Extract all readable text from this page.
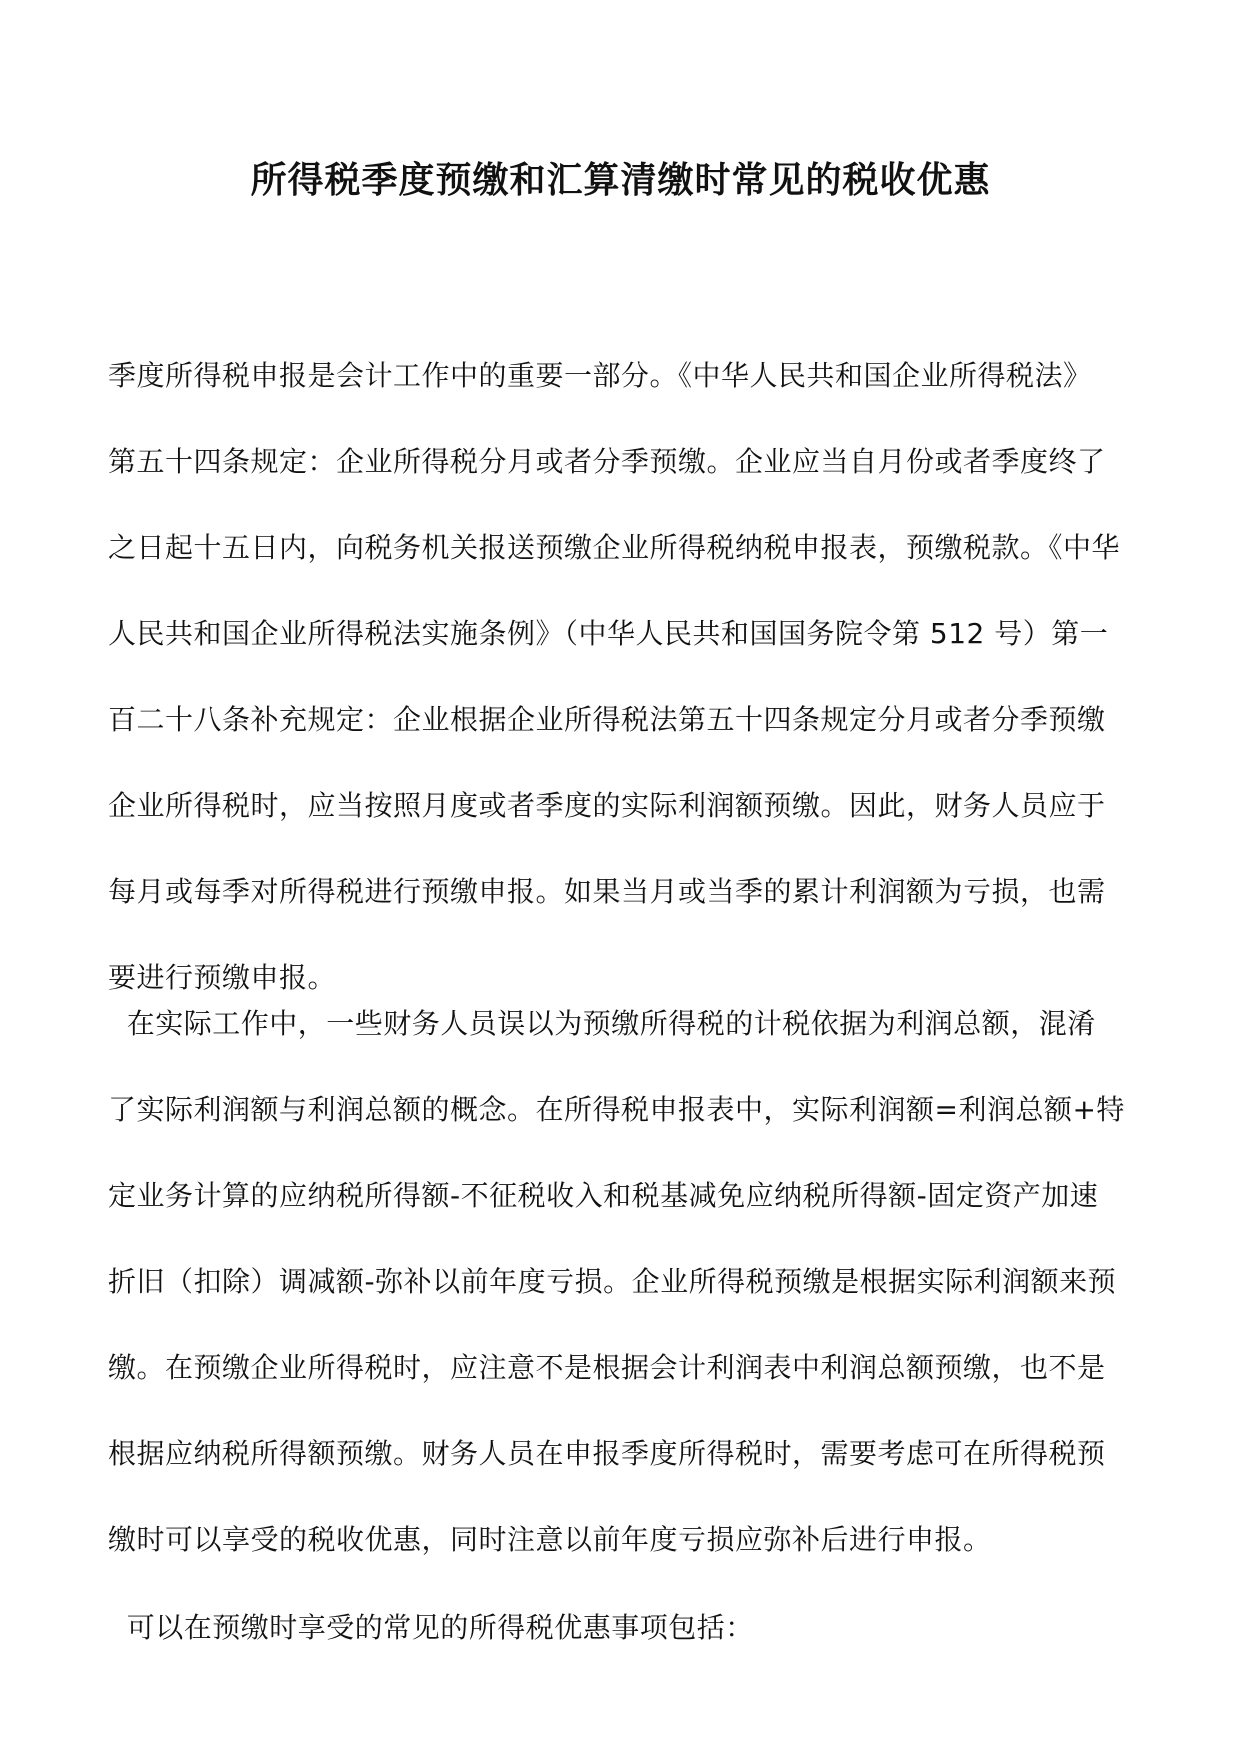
所得税季度预缴和汇算清缴时常见的税收优惠
季度所得税申报是会计工作中的重要一部分。《中华人民共和国企业所得税法》
第五十四条规定：企业所得税分月或者分季预缴。企业应当自月份或者季度终了
之日起十五日内，向税务机关报送预缴企业所得税纳税申报表，预缴税款。《中华
人民共和国企业所得税法实施条例》（中华人民共和国国务院令第 512 号）第一
百二十八条补充规定：企业根据企业所得税法第五十四条规定分月或者分季预缴
企业所得税时，应当按照月度或者季度的实际利润额预缴。因此，财务人员应于
每月或每季对所得税进行预缴申报。如果当月或当季的累计利润额为亏损，也需
要进行预缴申报。
在实际工作中，一些财务人员误以为预缴所得税的计税依据为利润总额，混淆
了实际利润额与利润总额的概念。在所得税申报表中，实际利润额=利润总额+特
定业务计算的应纳税所得额-不征税收入和税基减免应纳税所得额-固定资产加速
折旧（扣除）调减额-弥补以前年度亏损。企业所得税预缴是根据实际利润额来预
缴。在预缴企业所得税时，应注意不是根据会计利润表中利润总额预缴，也不是
根据应纳税所得额预缴。财务人员在申报季度所得税时，需要考虑可在所得税预
缴时可以享受的税收优惠，同时注意以前年度亏损应弥补后进行申报。
可以在预缴时享受的常见的所得税优惠事项包括：
